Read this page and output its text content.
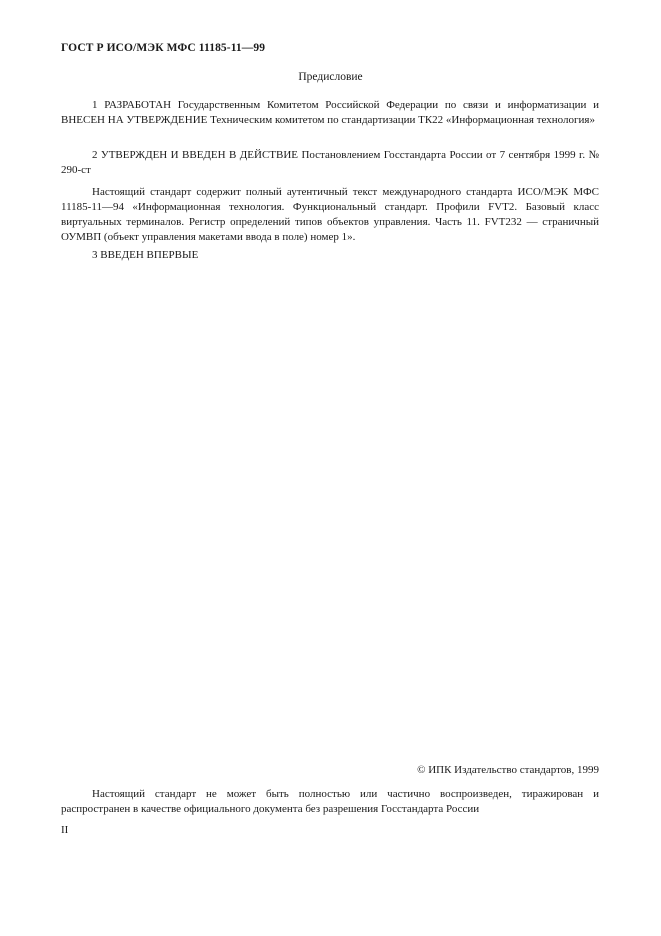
ГОСТ Р ИСО/МЭК МФС 11185-11—99
Предисловие
1 РАЗРАБОТАН Государственным Комитетом Российской Федерации по связи и информатизации и ВНЕСЕН НА УТВЕРЖДЕНИЕ Техническим комитетом по стандартизации ТК22 «Информационная технология»
2 УТВЕРЖДЕН И ВВЕДЕН В ДЕЙСТВИЕ Постановлением Госстандарта России от 7 сентября 1999 г. № 290-ст
Настоящий стандарт содержит полный аутентичный текст международного стандарта ИСО/МЭК МФС 11185-11—94 «Информационная технология. Функциональный стандарт. Профили FVT2. Базовый класс виртуальных терминалов. Регистр определений типов объектов управления. Часть 11. FVT232 — страничный ОУМВП (объект управления макетами ввода в поле) номер 1».
3 ВВЕДЕН ВПЕРВЫЕ
© ИПК Издательство стандартов, 1999
Настоящий стандарт не может быть полностью или частично воспроизведен, тиражирован и распространен в качестве официального документа без разрешения Госстандарта России
II
